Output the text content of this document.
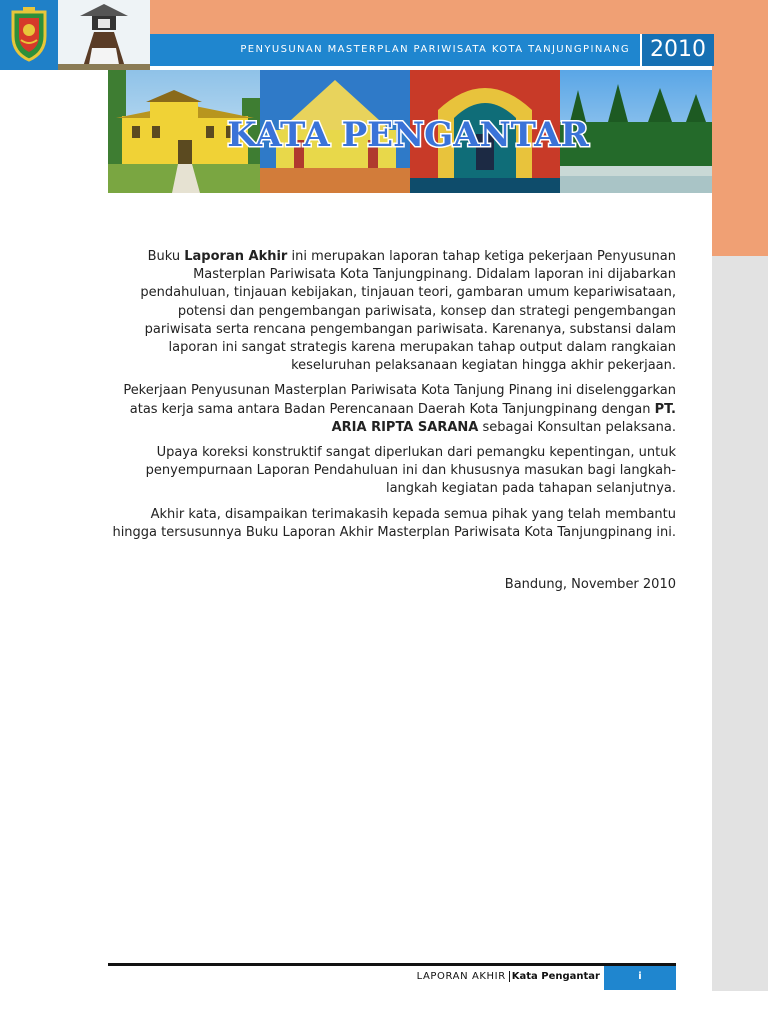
PENYUSUNAN MASTERPLAN PARIWISATA KOTA TANJUNGPINANG 2010
KATA PENGANTAR

Buku Laporan Akhir ini merupakan laporan tahap ketiga pekerjaan Penyusunan Masterplan Pariwisata Kota Tanjungpinang. Didalam laporan ini dijabarkan pendahuluan, tinjauan kebijakan, tinjauan teori, gambaran umum kepariwisataan, potensi dan pengembangan pariwisata, konsep dan strategi pengembangan pariwisata serta rencana pengembangan pariwisata. Karenanya, substansi dalam laporan ini sangat strategis karena merupakan tahap output dalam rangkaian keseluruhan pelaksanaan kegiatan hingga akhir pekerjaan.

Pekerjaan Penyusunan Masterplan Pariwisata Kota Tanjung Pinang ini diselenggarkan atas kerja sama antara Badan Perencanaan Daerah Kota Tanjungpinang dengan PT. ARIA RIPTA SARANA sebagai Konsultan pelaksana.

Upaya koreksi konstruktif sangat diperlukan dari pemangku kepentingan, untuk penyempurnaan Laporan Pendahuluan ini dan khususnya masukan bagi langkah-langkah kegiatan pada tahapan selanjutnya.

Akhir kata, disampaikan terimakasih kepada semua pihak yang telah membantu hingga tersusunnya Buku Laporan Akhir Masterplan Pariwisata Kota Tanjungpinang ini.

Bandung, November 2010
LAPORAN AKHIR Kata Pengantar	i
